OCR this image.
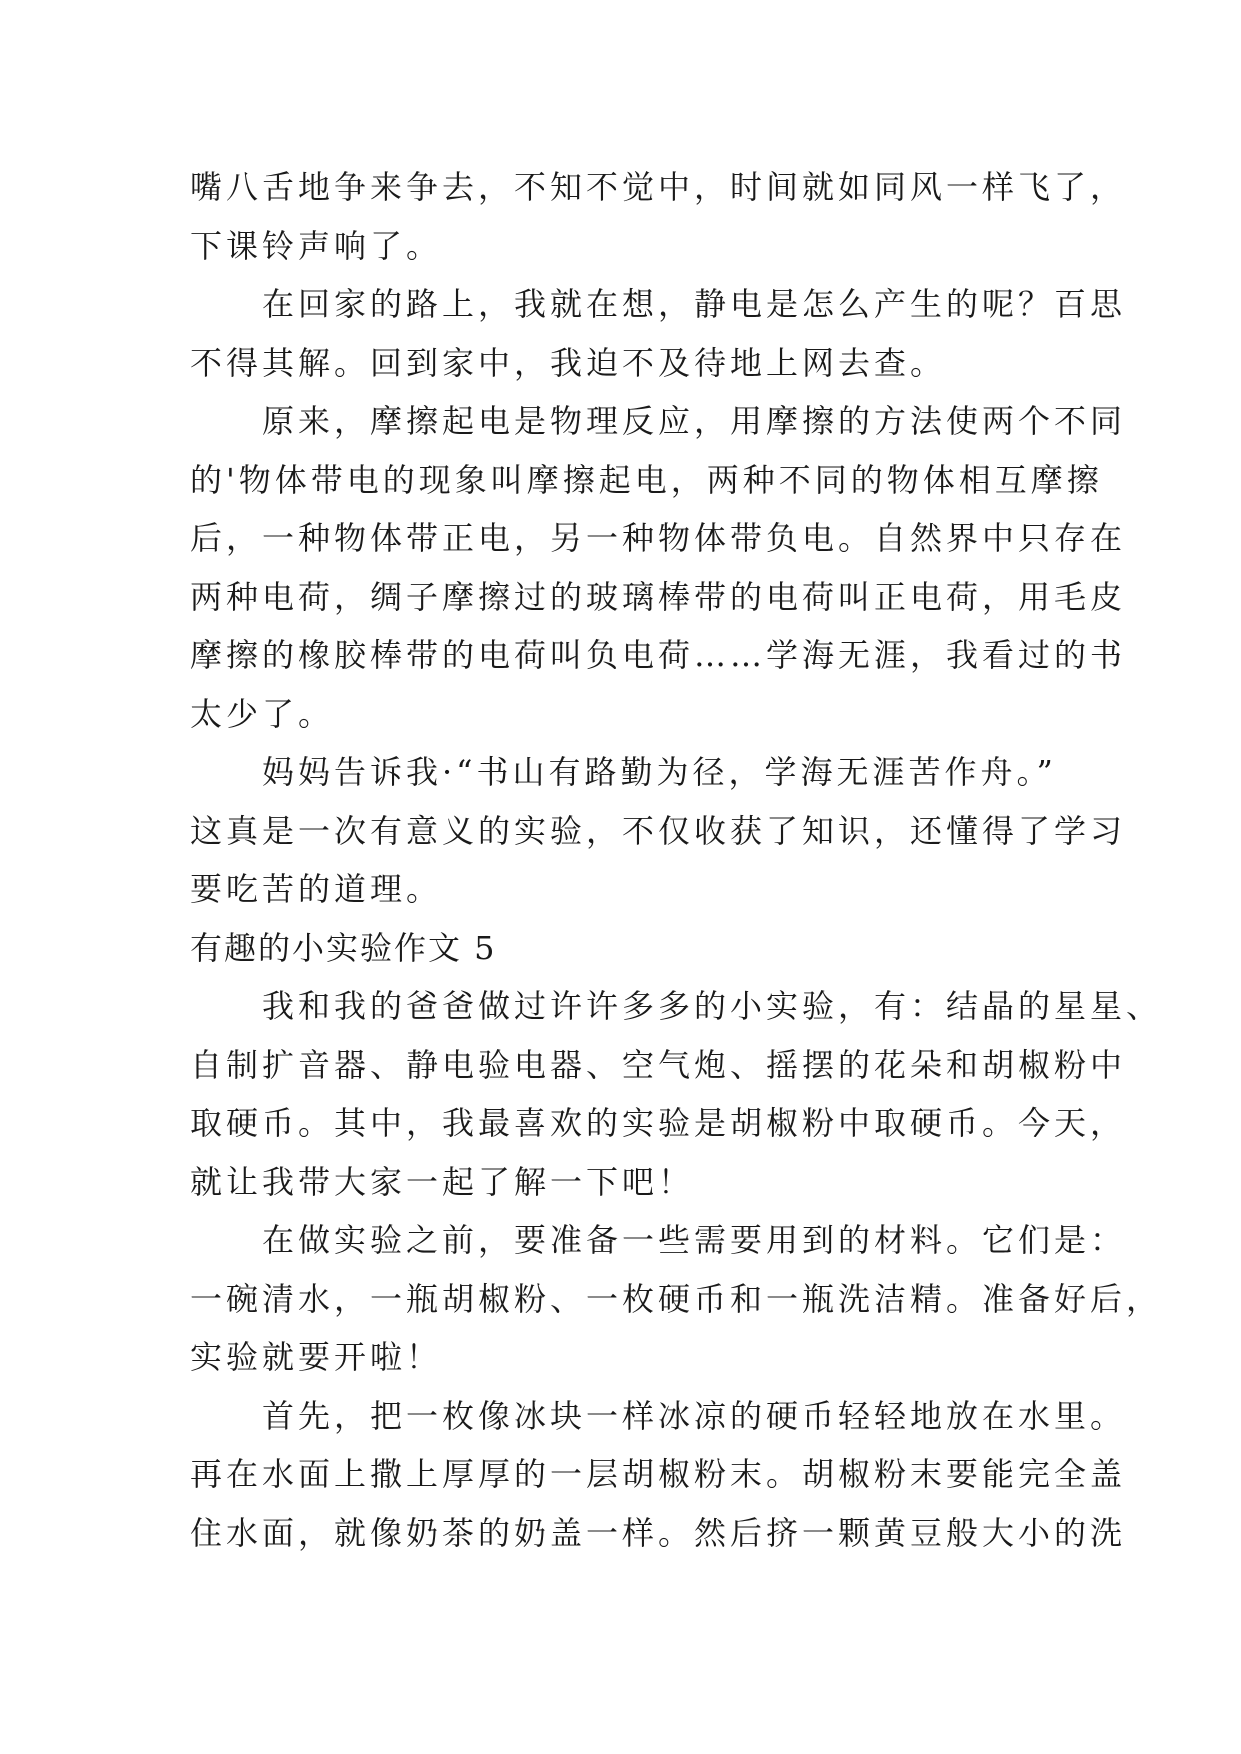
嘴八舌地争来争去，不知不觉中，时间就如同风一样飞了，
下课铃声响了。
　　在回家的路上，我就在想，静电是怎么产生的呢？百思
不得其解。回到家中，我迫不及待地上网去查。
　　原来，摩擦起电是物理反应，用摩擦的方法使两个不同
的'物体带电的现象叫摩擦起电，两种不同的物体相互摩擦
后，一种物体带正电，另一种物体带负电。自然界中只存在
两种电荷，绸子摩擦过的玻璃棒带的电荷叫正电荷，用毛皮
摩擦的橡胶棒带的电荷叫负电荷……学海无涯，我看过的书
太少了。
　　妈妈告诉我·“书山有路勤为径，学海无涯苦作舟。”
这真是一次有意义的实验，不仅收获了知识，还懂得了学习
要吃苦的道理。
有趣的小实验作文 5
　　我和我的爸爸做过许许多多的小实验，有：结晶的星星、
自制扩音器、静电验电器、空气炮、摇摆的花朵和胡椒粉中
取硬币。其中，我最喜欢的实验是胡椒粉中取硬币。今天，
就让我带大家一起了解一下吧！
　　在做实验之前，要准备一些需要用到的材料。它们是：
一碗清水，一瓶胡椒粉、一枚硬币和一瓶洗洁精。准备好后，
实验就要开啦！
　　首先，把一枚像冰块一样冰凉的硬币轻轻地放在水里。
再在水面上撒上厚厚的一层胡椒粉末。胡椒粉末要能完全盖
住水面，就像奶茶的奶盖一样。然后挤一颗黄豆般大小的洗
